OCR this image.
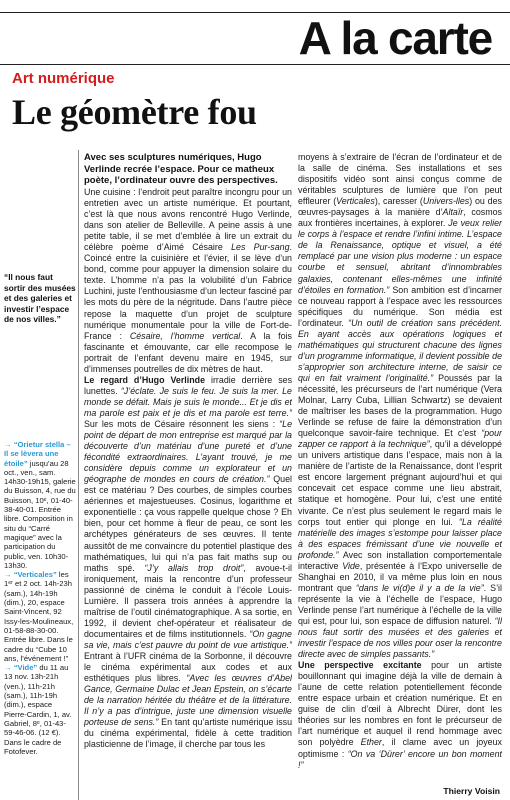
A la carte
Art numérique
Le géomètre fou
Avec ses sculptures numériques, Hugo Verlinde recrée l’espace. Pour ce matheux poète, l’ordinateur ouvre des perspectives.
“Il nous faut sortir des musées et des galeries et investir l’espace de nos villes.”
→ “Orietur stella – Il se lèvera une étoile” jusqu’au 28 oct., ven., sam. 14h30-19h15, galerie du Buisson, 4, rue du Buisson, 10ᵉ, 01-40-38-40-01. Entrée libre. Composition in situ du “Carré magique” avec la participation du public, ven. 10h30-13h30.
→ “Verticales” les 1ᵉʳ et 2 oct. 14h-23h (sam.), 14h-19h (dim.), 20, espace Saint-Vincent, 92 Issy-les-Moulineaux, 01-58-88-30-00. Entrée libre. Dans le cadre du “Cube 10 ans, l’événement !”
→ “Vide” du 11 au 13 nov. 13h-21h (ven.), 11h-21h (sam.), 11h-19h (dim.), espace Pierre-Cardin, 1, av. Gabriel, 8ᵉ, 01-43-59-46-06. (12 €). Dans le cadre de Fotofever.

Une cuisine : l’endroit peut paraître incongru pour un entretien avec un artiste numérique. Et pourtant, c’est là que nous avons rencontré Hugo Verlinde, dans son atelier de Belleville. A peine assis à une petite table, il se met d’emblée à lire un extrait du célèbre poème d’Aimé Césaire Les Pur-sang. Coincé entre la cuisinière et l’évier, il se lève d’un bond, comme pour appuyer la dimension solaire du texte. L’homme n’a pas la volubilité d’un Fabrice Luchini, juste l’enthousiasme d’un lecteur fasciné par les mots du père de la négritude. Dans l’autre pièce repose la maquette d’un projet de sculpture numérique monumentale pour la ville de Fort-de-France : Césaire, l’homme vertical. A la fois fascinante et émouvante, car elle recompose le portrait de l’enfant devenu maire en 1945, sur d’immenses poutrelles de dix mètres de haut.

Le regard d’Hugo Verlinde irradie derrière ses lunettes. “J’éclate. Je suis le feu. Je suis la mer. Le monde se défait. Mais je suis le monde... Et je dis et ma parole est paix et je dis et ma parole est terre.” Sur les mots de Césaire résonnent les siens : “Le point de départ de mon entreprise est marqué par la découverte d’un matériau d’une pureté et d’une fécondité extraordinaires. L’ayant trouvé, je me considère depuis comme un explorateur et un géographe de mondes en cours de création.” Quel est ce matériau ? Des courbes, de simples courbes aériennes et majestueuses. Cosinus, logarithme et exponentielle : ça vous rappelle quelque chose ? Eh bien, pour cet homme à fleur de peau, ce sont les archétypes générateurs de ses œuvres. Il tente aussitôt de me convaincre du potentiel plastique des mathématiques, lui qui n’a pas fait maths sup ou maths spé. “J’y allais trop droit”, avoue-t-il ironiquement, mais la rencontre d’un professeur passionné de cinéma le conduit à l’école Louis-Lumière. Il passera trois années à apprendre la maîtrise de l’outil cinématographique. A sa sortie, en 1992, il devient chef-opérateur et réalisateur de documentaires et de films institutionnels. “On gagne sa vie, mais c’est pauvre du point de vue artistique.” Entrant à l’UFR cinéma de la Sorbonne, il découvre le cinéma expérimental aux codes et aux esthétiques plus libres. “Avec les œuvres d’Abel Gance, Germaine Dulac et Jean Epstein, on s’écarte de la narration héritée du théâtre et de la littérature. Il n’y a pas d’intrigue, juste une dimension visuelle porteuse de sens.” En tant qu’artiste numérique issu du cinéma expérimental, fidèle à cette tradition plasticienne de l’image, il cherche par tous les

moyens à s’extraire de l’écran de l’ordinateur et de la salle de cinéma. Ses installations et ses dispositifs vidéo sont ainsi conçus comme de véritables sculptures de lumière que l’on peut effleurer (Verticales), caresser (Univers-lles) ou des œuvres-paysages à la manière d’Altaïr, cosmos aux frontières incertaines, à explorer. Je veux relier le corps à l’espace et rendre l’infini intime. L’espace de la Renaissance, optique et visuel, a été remplacé par une vision plus moderne : un espace courbe et sensuel, abritant d’innombrables galaxies, contenant elles-mêmes une infinité d’étoiles en formation.” Son ambition est d’incarner ce nouveau rapport à l’espace avec les ressources spécifiques du numérique. Son média est l’ordinateur. “Un outil de création sans précédent. En ayant accès aux opérations logiques et mathématiques qui structurent chacune des lignes d’un programme informatique, il devient possible de s’approprier son architecture interne, de saisir ce qui en fait vraiment l’originalité.” Poussés par la nécessité, les précurseurs de l’art numérique (Vera Molnar, Larry Cuba, Lillian Schwartz) se devaient de maîtriser les bases de la programmation. Hugo Verlinde se refuse de faire la démonstration d’un quelconque savoir-faire technique. Et c’est “pour zapper ce rapport à la technique”, qu’il a développé un univers artistique dans l’espace, mais non à la manière de l’artiste de la Renaissance, dont l’esprit est encore largement prégnant aujourd’hui et qui concevait cet espace comme une lieu abstrait, statique et homogène. Pour lui, c’est une entité vivante. Ce n’est plus seulement le regard mais le corps tout entier qui plonge en lui. “La réalité matérielle des images s’estompe pour laisser place à des espaces frémissant d’une vie nouvelle et profonde.” Avec son installation comportementale interactive Vide, présentée à l’Expo universelle de Shanghai en 2010, il va même plus loin en nous montrant que “dans le vi(d)e il y a de la vie”. S’il représente la vie à l’échelle de l’espace, Hugo Verlinde pense l’art numérique à l’échelle de la ville qui est, pour lui, son espace de diffusion naturel. “Il nous faut sortir des musées et des galeries et investir l’espace de nos villes pour oser la rencontre directe avec de simples passants.”

Une perspective excitante pour un artiste bouillonnant qui imagine déjà la ville de demain à l’aune de cette relation potentiellement féconde entre espace urbain et création numérique. Et en guise de clin d’œil à Albrecht Dürer, dont les théories sur les nombres en font le précurseur de l’art numérique et auquel il rend hommage avec son polyèdre Ether, il clame avec un joyeux optimisme : “On va ‘Dürer’ encore un bon moment !”

Thierry Voisin
